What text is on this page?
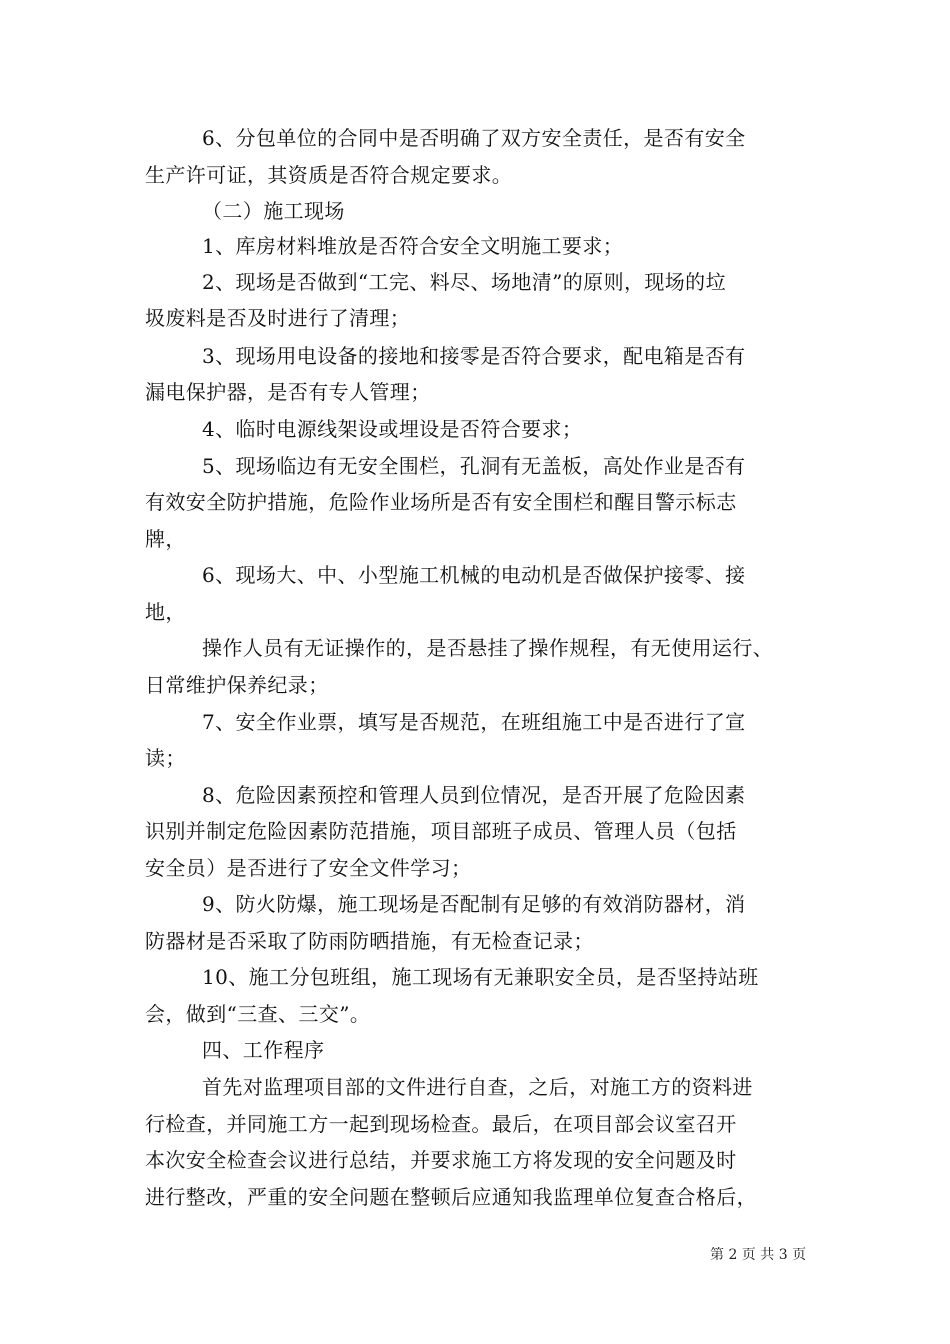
6、分包单位的合同中是否明确了双方安全责任，是否有安全
生产许可证，其资质是否符合规定要求。
（二）施工现场
1、库房材料堆放是否符合安全文明施工要求；
2、现场是否做到“工完、料尽、场地清”的原则，现场的垃
圾废料是否及时进行了清理；
3、现场用电设备的接地和接零是否符合要求，配电箱是否有
漏电保护器，是否有专人管理；
4、临时电源线架设或埋设是否符合要求；
5、现场临边有无安全围栏，孔洞有无盖板，高处作业是否有
有效安全防护措施，危险作业场所是否有安全围栏和醒目警示标志
牌，
6、现场大、中、小型施工机械的电动机是否做保护接零、接
地，
操作人员有无证操作的，是否悬挂了操作规程，有无使用运行、
日常维护保养纪录；
7、安全作业票，填写是否规范，在班组施工中是否进行了宣
读；
8、危险因素预控和管理人员到位情况，是否开展了危险因素
识别并制定危险因素防范措施，项目部班子成员、管理人员（包括
安全员）是否进行了安全文件学习；
9、防火防爆，施工现场是否配制有足够的有效消防器材，消
防器材是否采取了防雨防晒措施，有无检查记录；
10、施工分包班组，施工现场有无兼职安全员，是否坚持站班
会，做到“三查、三交”。
四、工作程序
首先对监理项目部的文件进行自查，之后，对施工方的资料进
行检查，并同施工方一起到现场检查。最后，在项目部会议室召开
本次安全检查会议进行总结，并要求施工方将发现的安全问题及时
进行整改，严重的安全问题在整顿后应通知我监理单位复查合格后，
第 2 页 共 3 页
